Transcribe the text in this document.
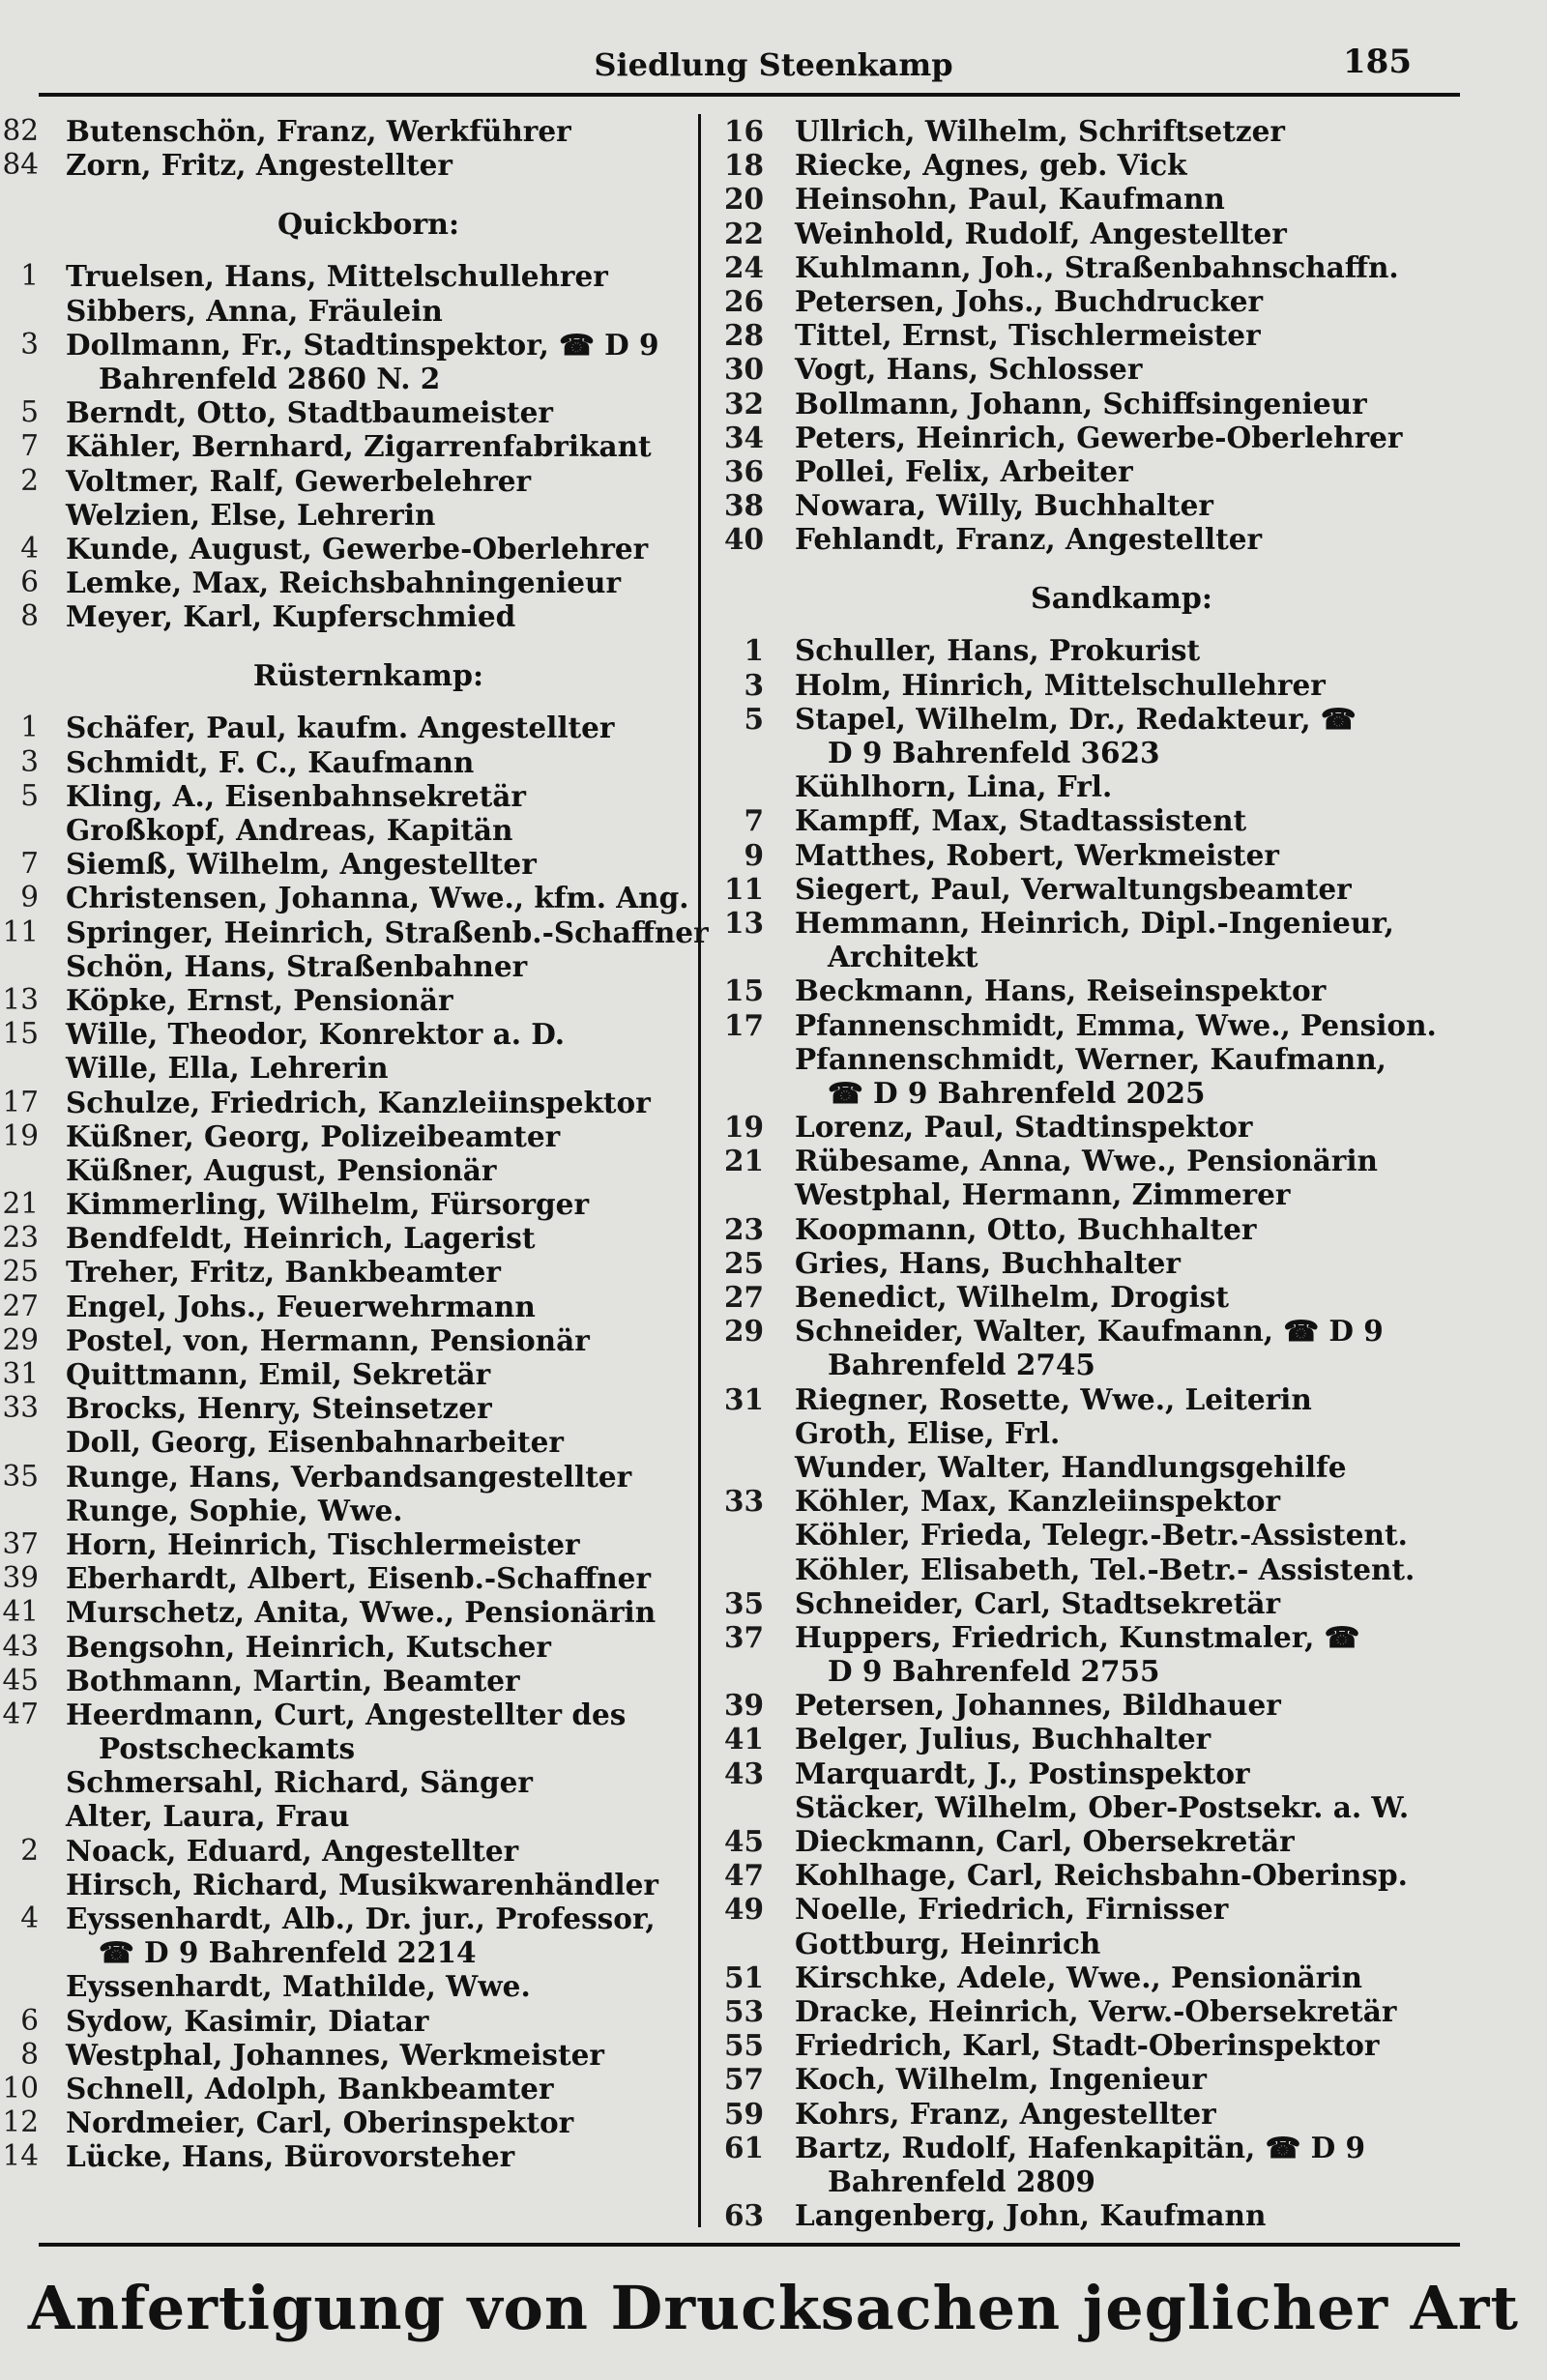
Siedlung Steenkamp	185
82 Butenschön, Franz, Werkführer
84 Zorn, Fritz, Angestellter
Quickborn:
1 Truelsen, Hans, Mittelschullehrer
Sibbers, Anna, Fräulein
3 Dollmann, Fr., Stadtinspektor, ☎ D 9
Bahrenfeld 2860 N. 2
5 Berndt, Otto, Stadtbaumeister
7 Kähler, Bernhard, Zigarrenfabrikant
2 Voltmer, Ralf, Gewerbelehrer
Welzien, Else, Lehrerin
4 Kunde, August, Gewerbe-Oberlehrer
6 Lemke, Max, Reichsbahningenieur
8 Meyer, Karl, Kupferschmied
Rüsternkamp:
1 Schäfer, Paul, kaufm. Angestellter
3 Schmidt, F. C., Kaufmann
5 Kling, A., Eisenbahnsekretär
Großkopf, Andreas, Kapitän
7 Siemß, Wilhelm, Angestellter
9 Christensen, Johanna, Wwe., kfm. Ang.
11 Springer, Heinrich, Straßenb.-Schaffner
Schön, Hans, Straßenbahner
13 Köpke, Ernst, Pensionär
15 Wille, Theodor, Konrektor a. D.
Wille, Ella, Lehrerin
17 Schulze, Friedrich, Kanzleiinspektor
19 Küßner, Georg, Polizeibeamter
Küßner, August, Pensionär
21 Kimmerling, Wilhelm, Fürsorger
23 Bendfeldt, Heinrich, Lagerist
25 Treher, Fritz, Bankbeamter
27 Engel, Johs., Feuerwehrmann
29 Postel, von, Hermann, Pensionär
31 Quittmann, Emil, Sekretär
33 Brocks, Henry, Steinsetzer
Doll, Georg, Eisenbahnarbeiter
35 Runge, Hans, Verbandsangestellter
Runge, Sophie, Wwe.
37 Horn, Heinrich, Tischlermeister
39 Eberhardt, Albert, Eisenb.-Schaffner
41 Murschetz, Anita, Wwe., Pensionärin
43 Bengsohn, Heinrich, Kutscher
45 Bothmann, Martin, Beamter
47 Heerdmann, Curt, Angestellter des
Postscheckamts
Schmersahl, Richard, Sänger
Alter, Laura, Frau
2 Noack, Eduard, Angestellter
Hirsch, Richard, Musikwarenhändler
4 Eyssenhardt, Alb., Dr. jur., Professor,
☎ D 9 Bahrenfeld 2214
Eyssenhardt, Mathilde, Wwe.
6 Sydow, Kasimir, Diatar
8 Westphal, Johannes, Werkmeister
10 Schnell, Adolph, Bankbeamter
12 Nordmeier, Carl, Oberinspektor
14 Lücke, Hans, Bürovorsteher
16 Ullrich, Wilhelm, Schriftsetzer
18 Riecke, Agnes, geb. Vick
20 Heinsohn, Paul, Kaufmann
22 Weinhold, Rudolf, Angestellter
24 Kuhlmann, Joh., Straßenbahnschaffn.
26 Petersen, Johs., Buchdrucker
28 Tittel, Ernst, Tischlermeister
30 Vogt, Hans, Schlosser
32 Bollmann, Johann, Schiffsingenieur
34 Peters, Heinrich, Gewerbe-Oberlehrer
36 Pollei, Felix, Arbeiter
38 Nowara, Willy, Buchhalter
40 Fehlandt, Franz, Angestellter
Sandkamp:
1 Schuller, Hans, Prokurist
3 Holm, Hinrich, Mittelschullehrer
5 Stapel, Wilhelm, Dr., Redakteur, ☎
D 9 Bahrenfeld 3623
Kühlhorn, Lina, Frl.
7 Kampff, Max, Stadtassistent
9 Matthes, Robert, Werkmeister
11 Siegert, Paul, Verwaltungsbeamter
13 Hemmann, Heinrich, Dipl.-Ingenieur,
Architekt
15 Beckmann, Hans, Reiseinspektor
17 Pfannenschmidt, Emma, Wwe., Pension.
Pfannenschmidt, Werner, Kaufmann,
☎ D 9 Bahrenfeld 2025
19 Lorenz, Paul, Stadtinspektor
21 Rübesame, Anna, Wwe., Pensionärin
Westphal, Hermann, Zimmerer
23 Koopmann, Otto, Buchhalter
25 Gries, Hans, Buchhalter
27 Benedict, Wilhelm, Drogist
29 Schneider, Walter, Kaufmann, ☎ D 9
Bahrenfeld 2745
31 Riegner, Rosette, Wwe., Leiterin
Groth, Elise, Frl.
Wunder, Walter, Handlungsgehilfe
33 Köhler, Max, Kanzleiinspektor
Köhler, Frieda, Telegr.-Betr.-Assistent.
Köhler, Elisabeth, Tel.-Betr.- Assistent.
35 Schneider, Carl, Stadtsekretär
37 Huppers, Friedrich, Kunstmaler, ☎
D 9 Bahrenfeld 2755
39 Petersen, Johannes, Bildhauer
41 Belger, Julius, Buchhalter
43 Marquardt, J., Postinspektor
Stäcker, Wilhelm, Ober-Postsekr. a. W.
45 Dieckmann, Carl, Obersekretär
47 Kohlhage, Carl, Reichsbahn-Oberinsp.
49 Noelle, Friedrich, Firnisser
Gottburg, Heinrich
51 Kirschke, Adele, Wwe., Pensionärin
53 Dracke, Heinrich, Verw.-Obersekretär
55 Friedrich, Karl, Stadt-Oberinspektor
57 Koch, Wilhelm, Ingenieur
59 Kohrs, Franz, Angestellter
61 Bartz, Rudolf, Hafenkapitän, ☎ D 9
Bahrenfeld 2809
63 Langenberg, John, Kaufmann
Anfertigung von Drucksachen jeglicher Art
